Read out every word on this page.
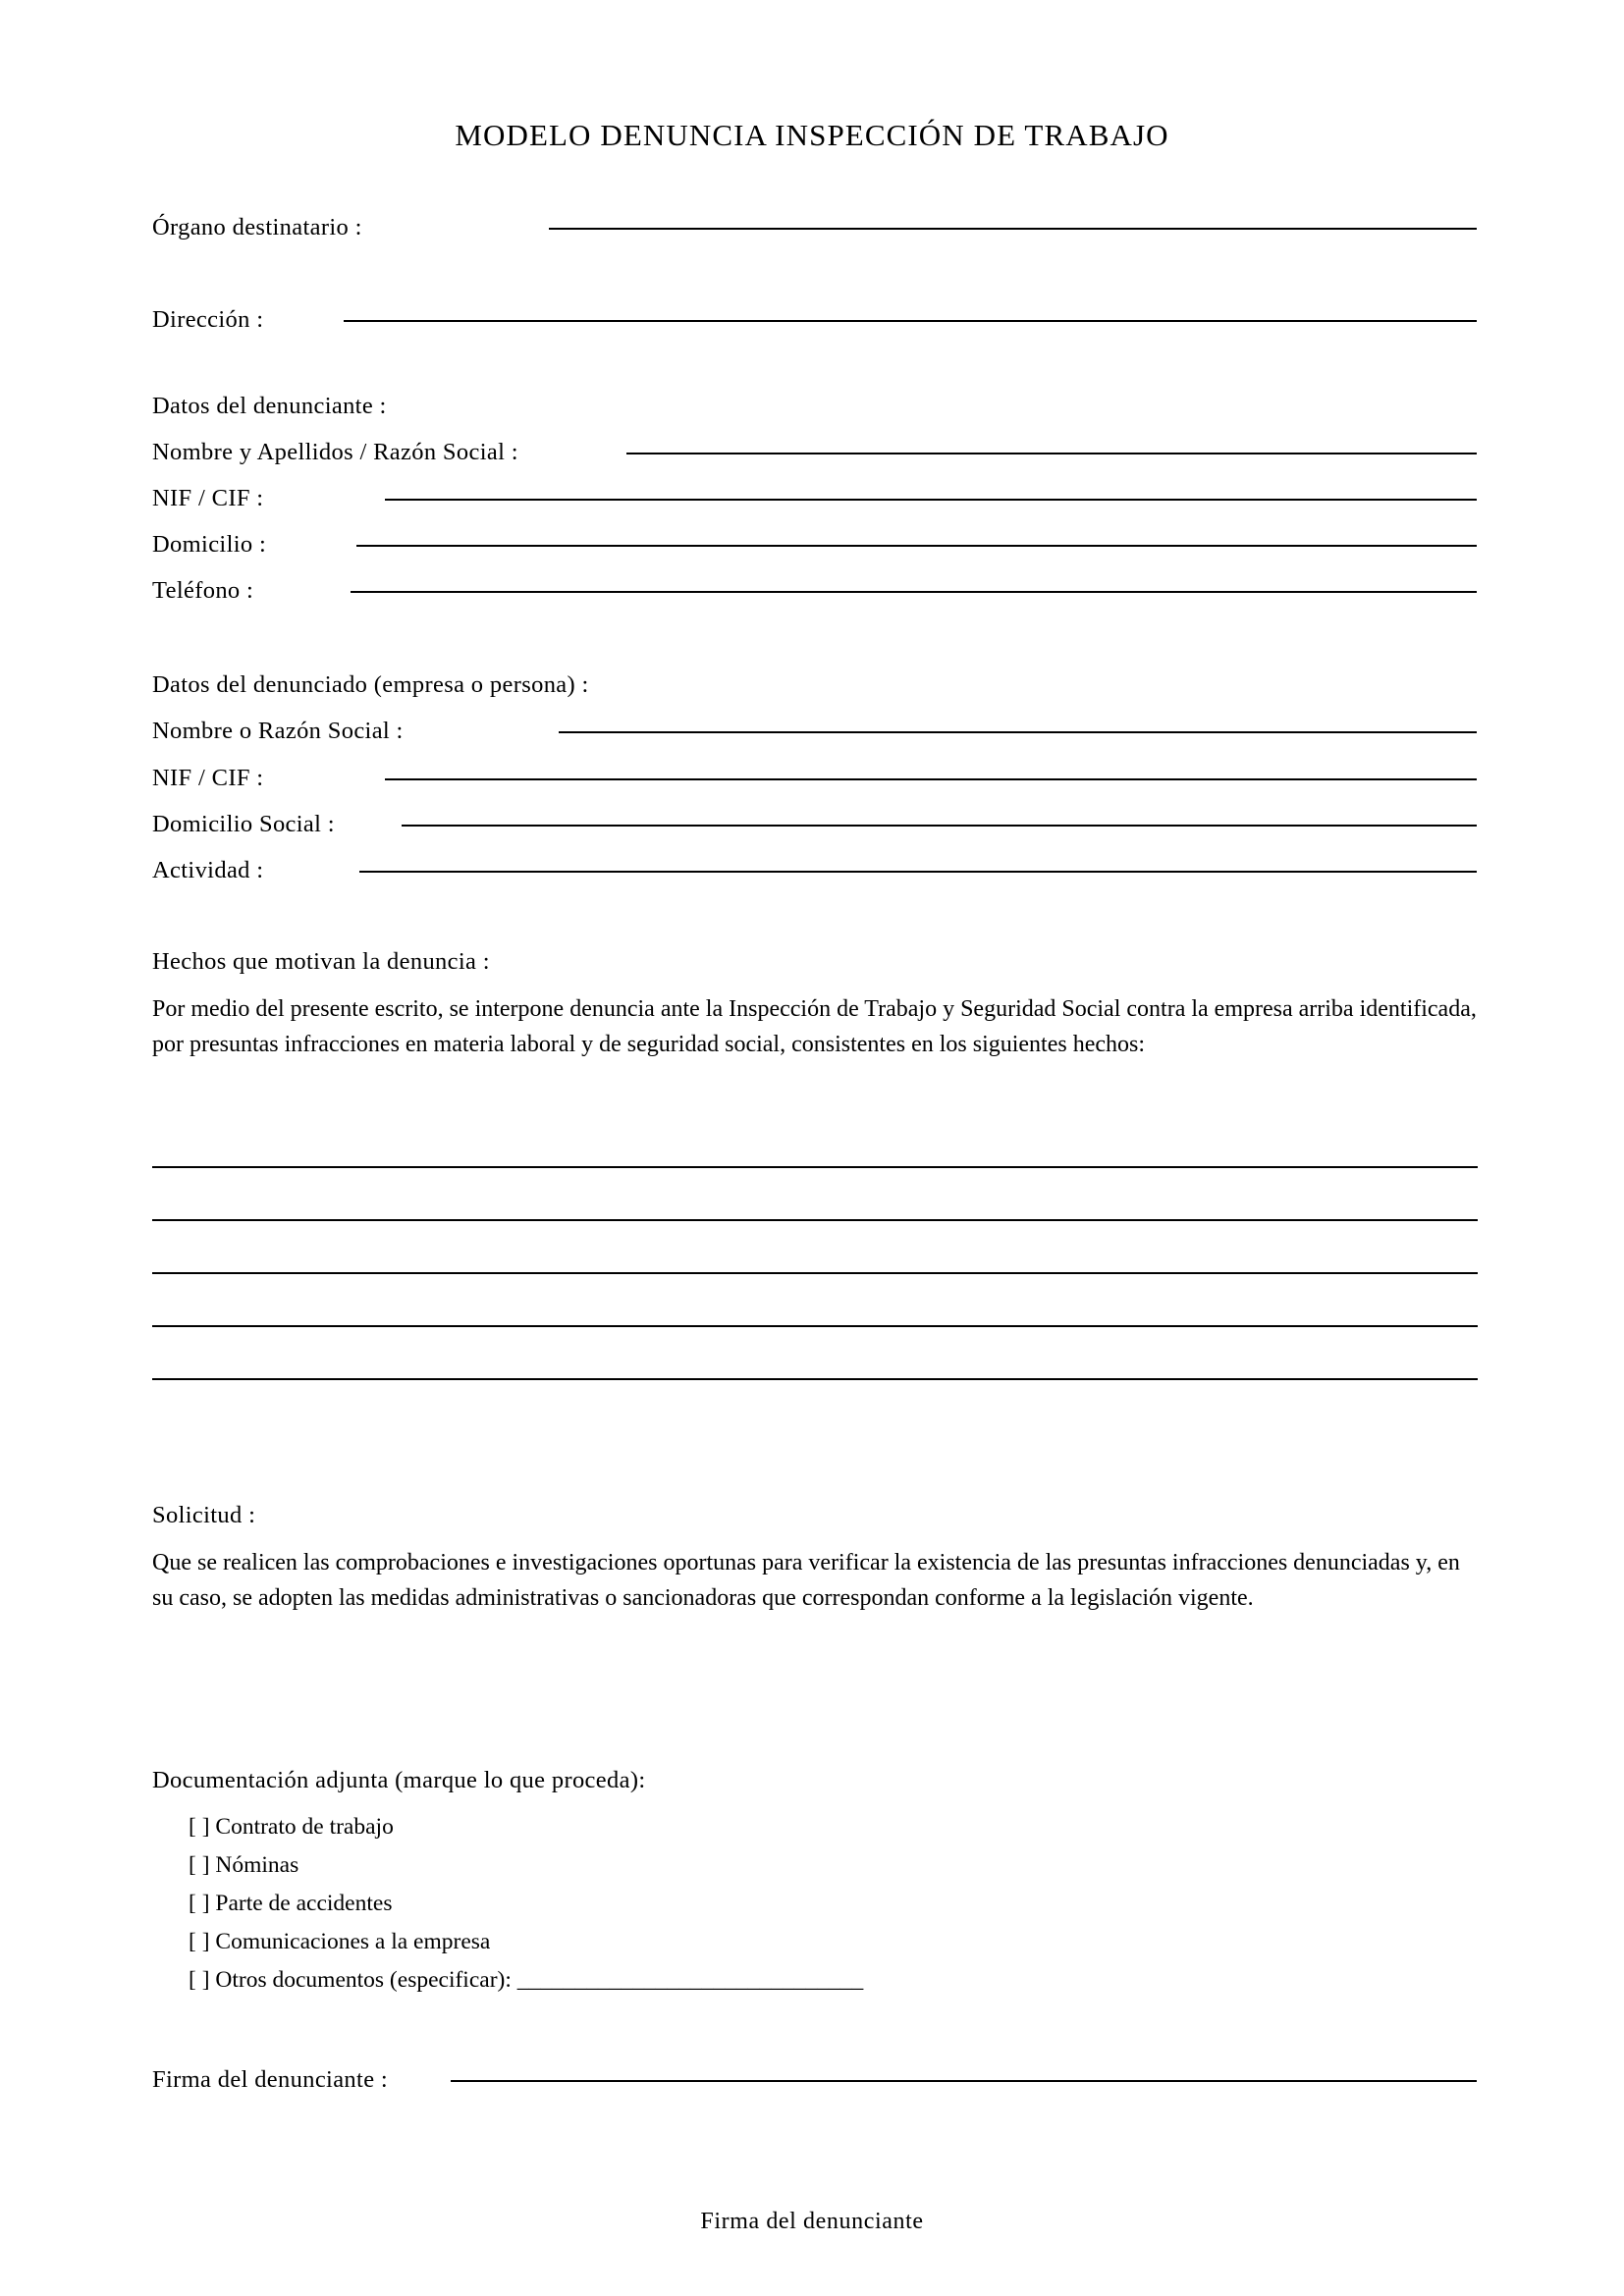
MODELO DENUNCIA INSPECCIÓN DE TRABAJO
Órgano destinatario :
Dirección :
Datos del denunciante :
Nombre y Apellidos / Razón Social :
NIF / CIF :
Domicilio :
Teléfono :
Datos del denunciado (empresa o persona) :
Nombre o Razón Social :
NIF / CIF :
Domicilio Social :
Actividad :
Hechos que motivan la denuncia :
Por medio del presente escrito, se interpone denuncia ante la Inspección de Trabajo y Seguridad Social contra la empresa arriba identificada, por presuntas infracciones en materia laboral y de seguridad social, consistentes en los siguientes hechos:
Solicitud :
Que se realicen las comprobaciones e investigaciones oportunas para verificar la existencia de las presuntas infracciones denunciadas y, en su caso, se adopten las medidas administrativas o sancionadoras que correspondan conforme a la legislación vigente.
Documentación adjunta (marque lo que proceda):
[ ] Contrato de trabajo
[ ] Nóminas
[ ] Parte de accidentes
[ ] Comunicaciones a la empresa
[ ] Otros documentos (especificar): ______________________________
Firma del denunciante :
Firma del denunciante
